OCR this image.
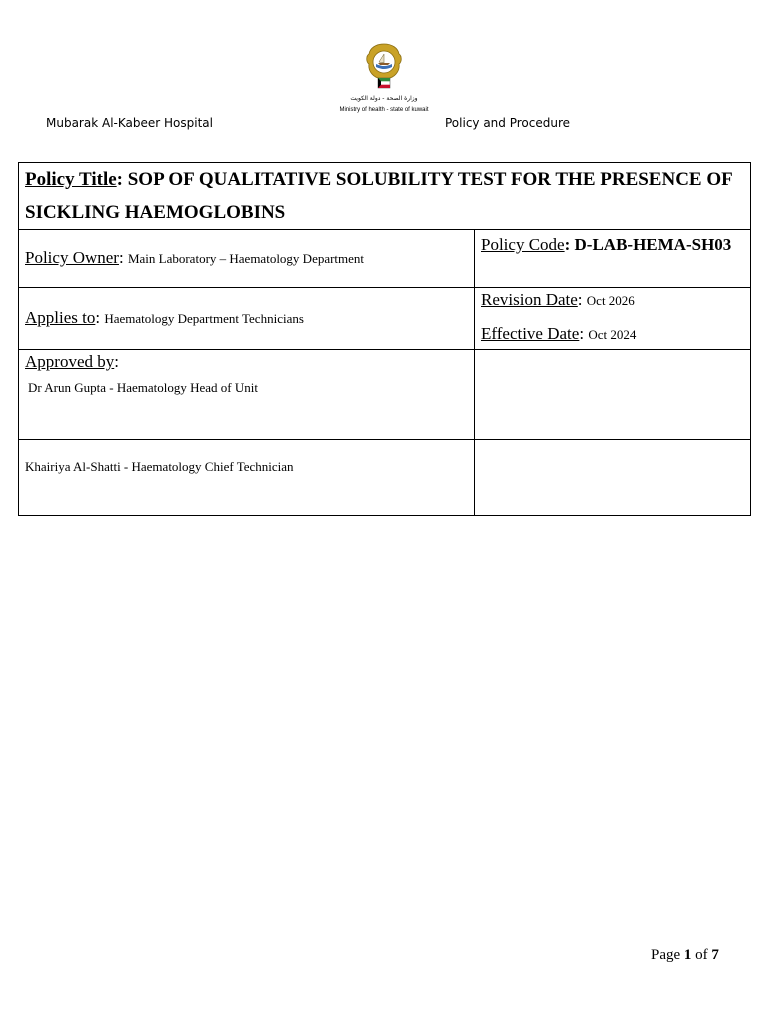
وزارة الصحة - دولة الكويت
Ministry of health - state of kuwait
Mubarak Al-Kabeer Hospital	Policy and Procedure
Policy Title: SOP OF QUALITATIVE SOLUBILITY TEST FOR THE PRESENCE OF SICKLING HAEMOGLOBINS	

Policy Owner: Main Laboratory – Haematology Department	Policy Code: D-LAB-HEMA-SH03

Applies to: Haematology Department Technicians	Revision Date: Oct 2026
Effective Date: Oct 2024

Approved by:
Dr Arun Gupta - Haematology Head of Unit	

Khairiya Al-Shatti - Haematology Chief Technician	

Page 1 of 7
